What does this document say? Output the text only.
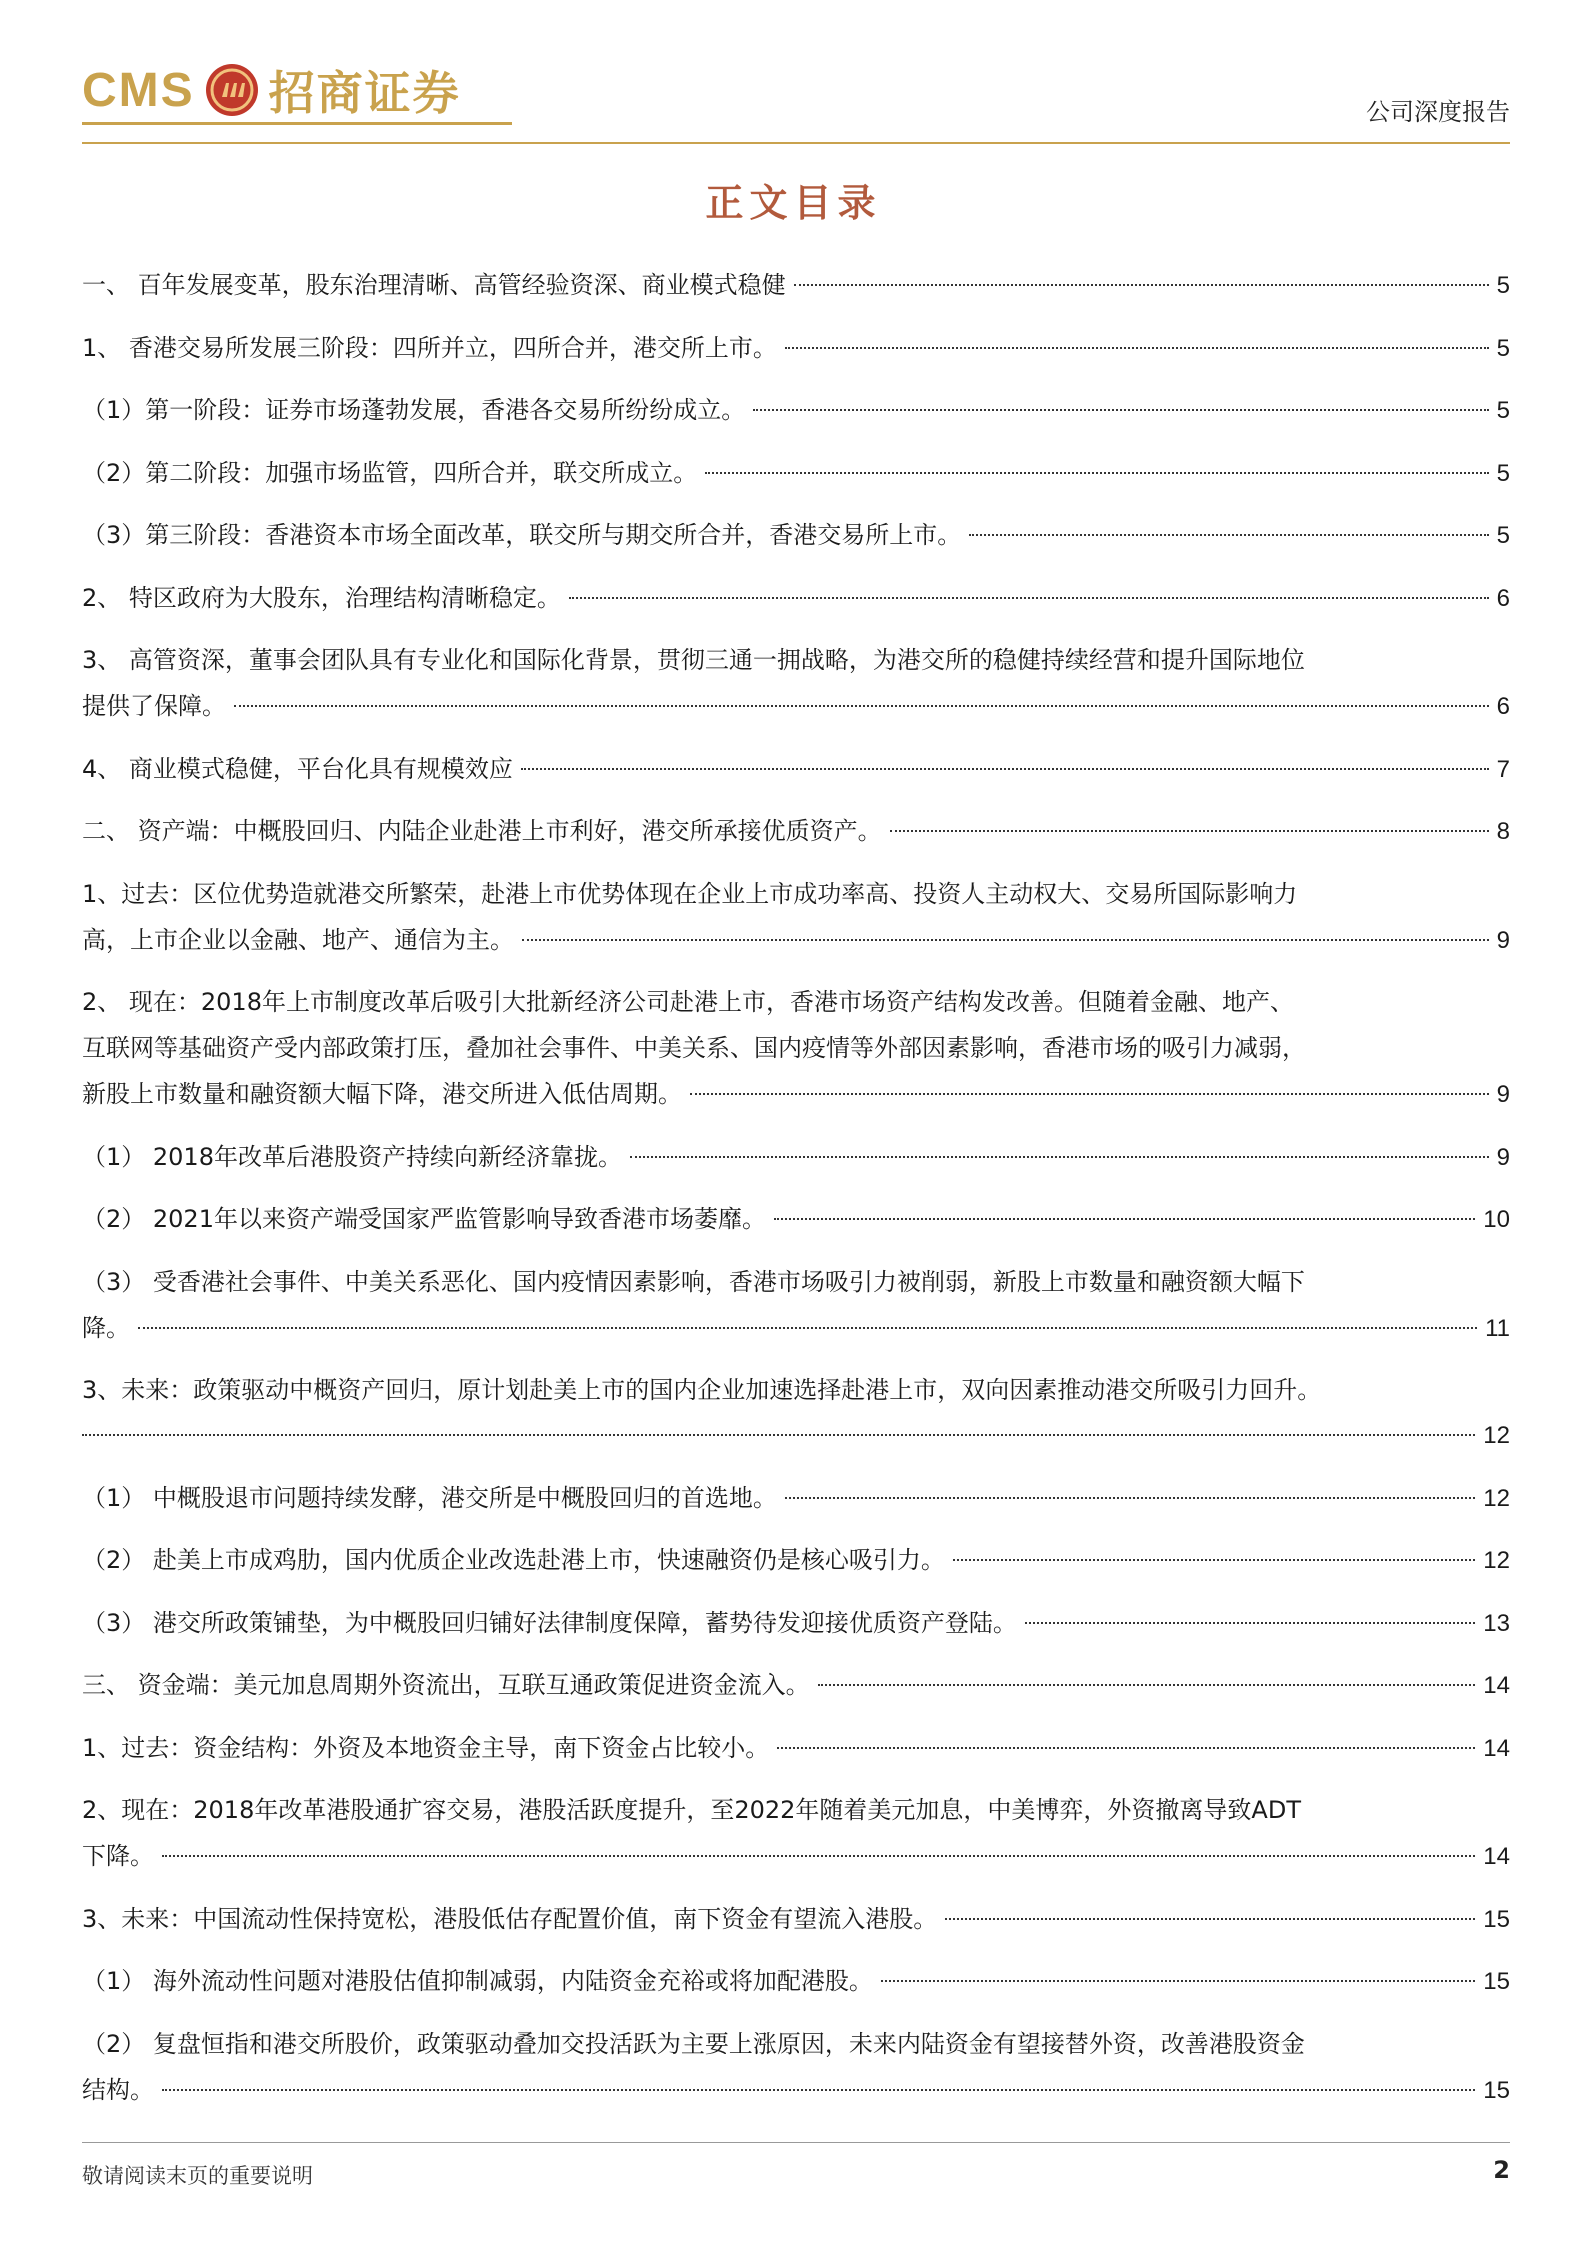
CMS 招商证券	公司深度报告
正文目录
一、 百年发展变革，股东治理清晰、高管经验资深、商业模式稳健	5
1、 香港交易所发展三阶段：四所并立，四所合并，港交所上市。	5
（1）第一阶段：证券市场蓬勃发展，香港各交易所纷纷成立。	5
（2）第二阶段：加强市场监管，四所合并，联交所成立。	5
（3）第三阶段：香港资本市场全面改革，联交所与期交所合并，香港交易所上市。	5
2、 特区政府为大股东，治理结构清晰稳定。	6
3、 高管资深，董事会团队具有专业化和国际化背景，贯彻三通一拥战略，为港交所的稳健持续经营和提升国际地位
提供了保障。	6
4、 商业模式稳健，平台化具有规模效应	7
二、 资产端：中概股回归、内陆企业赴港上市利好，港交所承接优质资产。	8
1、过去：区位优势造就港交所繁荣，赴港上市优势体现在企业上市成功率高、投资人主动权大、交易所国际影响力
高，上市企业以金融、地产、通信为主。	9
2、 现在：2018年上市制度改革后吸引大批新经济公司赴港上市，香港市场资产结构发改善。但随着金融、地产、
互联网等基础资产受内部政策打压，叠加社会事件、中美关系、国内疫情等外部因素影响，香港市场的吸引力减弱，
新股上市数量和融资额大幅下降，港交所进入低估周期。	9
（1） 2018年改革后港股资产持续向新经济靠拢。	9
（2） 2021年以来资产端受国家严监管影响导致香港市场萎靡。	10
（3） 受香港社会事件、中美关系恶化、国内疫情因素影响，香港市场吸引力被削弱，新股上市数量和融资额大幅下
降。	11
3、未来：政策驱动中概资产回归，原计划赴美上市的国内企业加速选择赴港上市，双向因素推动港交所吸引力回升。
12
（1） 中概股退市问题持续发酵，港交所是中概股回归的首选地。	12
（2） 赴美上市成鸡肋，国内优质企业改选赴港上市，快速融资仍是核心吸引力。	12
（3） 港交所政策铺垫，为中概股回归铺好法律制度保障，蓄势待发迎接优质资产登陆。	13
三、 资金端：美元加息周期外资流出，互联互通政策促进资金流入。	14
1、过去：资金结构：外资及本地资金主导，南下资金占比较小。	14
2、现在：2018年改革港股通扩容交易，港股活跃度提升，至2022年随着美元加息，中美博弈，外资撤离导致ADT
下降。	14
3、未来：中国流动性保持宽松，港股低估存配置价值，南下资金有望流入港股。	15
（1） 海外流动性问题对港股估值抑制减弱，内陆资金充裕或将加配港股。	15
（2） 复盘恒指和港交所股价，政策驱动叠加交投活跃为主要上涨原因，未来内陆资金有望接替外资，改善港股资金
结构。	15
敬请阅读末页的重要说明	2
